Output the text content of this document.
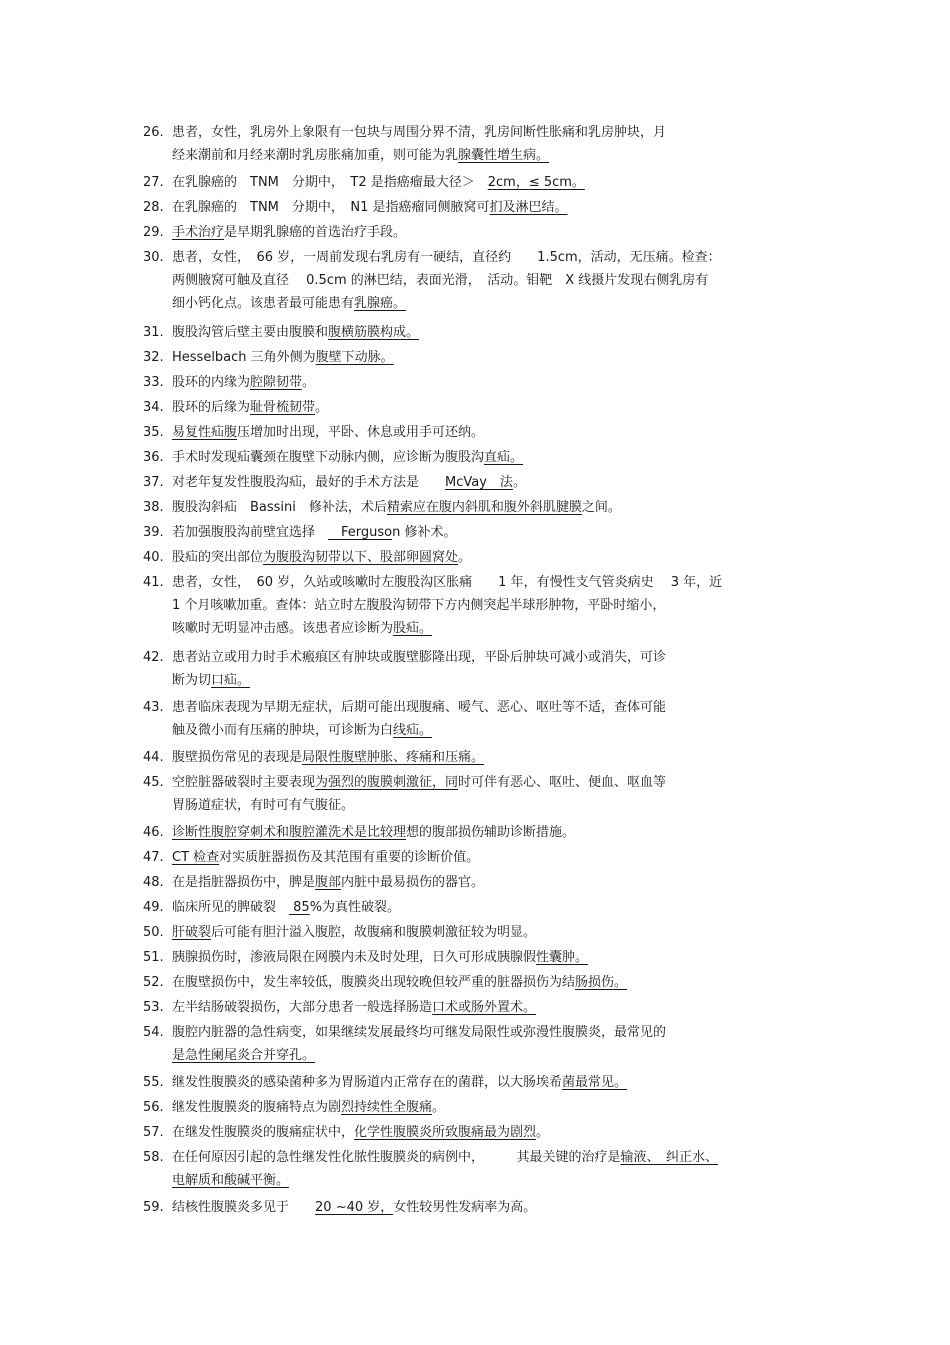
26. 患者，女性，乳房外上象限有一包块与周围分界不清，乳房间断性胀痛和乳房肿块，月
经来潮前和月经来潮时乳房胀痛加重，则可能为乳腺囊性增生病。
27. 在乳腺癌的　TNM　分期中，　T2 是指癌瘤最大径＞　2cm，≤ 5cm。
28. 在乳腺癌的　TNM　分期中，　N1 是指癌瘤同侧腋窝可扪及淋巴结。
29. 手术治疗是早期乳腺癌的首选治疗手段。
30. 患者，女性，　66 岁，一周前发现右乳房有一硬结，直径约　　1.5cm，活动，无压痛。检查：
两侧腋窝可触及直径　 0.5cm 的淋巴结，表面光滑，　活动。钼靶　X 线摄片发现右侧乳房有
细小钙化点。该患者最可能患有乳腺癌。
31. 腹股沟管后壁主要由腹膜和腹横筋膜构成。
32. Hesselbach 三角外侧为腹壁下动脉。
33. 股环的内缘为腔隙韧带。
34. 股环的后缘为耻骨梳韧带。
35. 易复性疝腹压增加时出现，平卧、休息或用手可还纳。
36. 手术时发现疝囊颈在腹壁下动脉内侧，应诊断为腹股沟直疝。
37. 对老年复发性腹股沟疝，最好的手术方法是　　McVay　法。
38. 腹股沟斜疝　Bassini　修补法，术后精索应在腹内斜肌和腹外斜肌腱膜之间。
39. 若加强腹股沟前壁宜选择　　Ferguson 修补术。
40. 股疝的突出部位为腹股沟韧带以下、股部卵圆窝处。
41. 患者，女性，　60 岁，久站或咳嗽时左腹股沟区胀痛　　1 年，有慢性支气管炎病史　 3 年，近
1 个月咳嗽加重。查体：站立时左腹股沟韧带下方内侧突起半球形肿物，平卧时缩小，
咳嗽时无明显冲击感。该患者应诊断为股疝。
42. 患者站立或用力时手术瘢痕区有肿块或腹壁膨隆出现，平卧后肿块可减小或消失，可诊
断为切口疝。
43. 患者临床表现为早期无症状，后期可能出现腹痛、嗳气、恶心、呕吐等不适，查体可能
触及微小而有压痛的肿块，可诊断为白线疝。
44. 腹壁损伤常见的表现是局限性腹壁肿胀、疼痛和压痛。
45. 空腔脏器破裂时主要表现为强烈的腹膜刺激征，同时可伴有恶心、呕吐、便血、呕血等
胃肠道症状，有时可有气腹征。
46. 诊断性腹腔穿刺术和腹腔灌洗术是比较理想的腹部损伤辅助诊断措施。
47. CT 检查对实质脏器损伤及其范围有重要的诊断价值。
48. 在是指脏器损伤中，脾是腹部内脏中最易损伤的器官。
49. 临床所见的脾破裂　 85%为真性破裂。
50. 肝破裂后可能有胆汁溢入腹腔，故腹痛和腹膜刺激征较为明显。
51. 胰腺损伤时，渗液局限在网膜内未及时处理，日久可形成胰腺假性囊肿。
52. 在腹壁损伤中，发生率较低，腹膜炎出现较晚但较严重的脏器损伤为结肠损伤。
53. 左半结肠破裂损伤，大部分患者一般选择肠造口术或肠外置术。
54. 腹腔内脏器的急性病变，如果继续发展最终均可继发局限性或弥漫性腹膜炎，最常见的
是急性阑尾炎合并穿孔。
55. 继发性腹膜炎的感染菌种多为胃肠道内正常存在的菌群，以大肠埃希菌最常见。
56. 继发性腹膜炎的腹痛特点为剧烈持续性全腹痛。
57. 在继发性腹膜炎的腹痛症状中，化学性腹膜炎所致腹痛最为剧烈。
58. 在任何原因引起的急性继发性化脓性腹膜炎的病例中，　　　其最关键的治疗是输液、　纠正水、
电解质和酸碱平衡。
59. 结核性腹膜炎多见于　　20 ~40 岁，女性较男性发病率为高。
